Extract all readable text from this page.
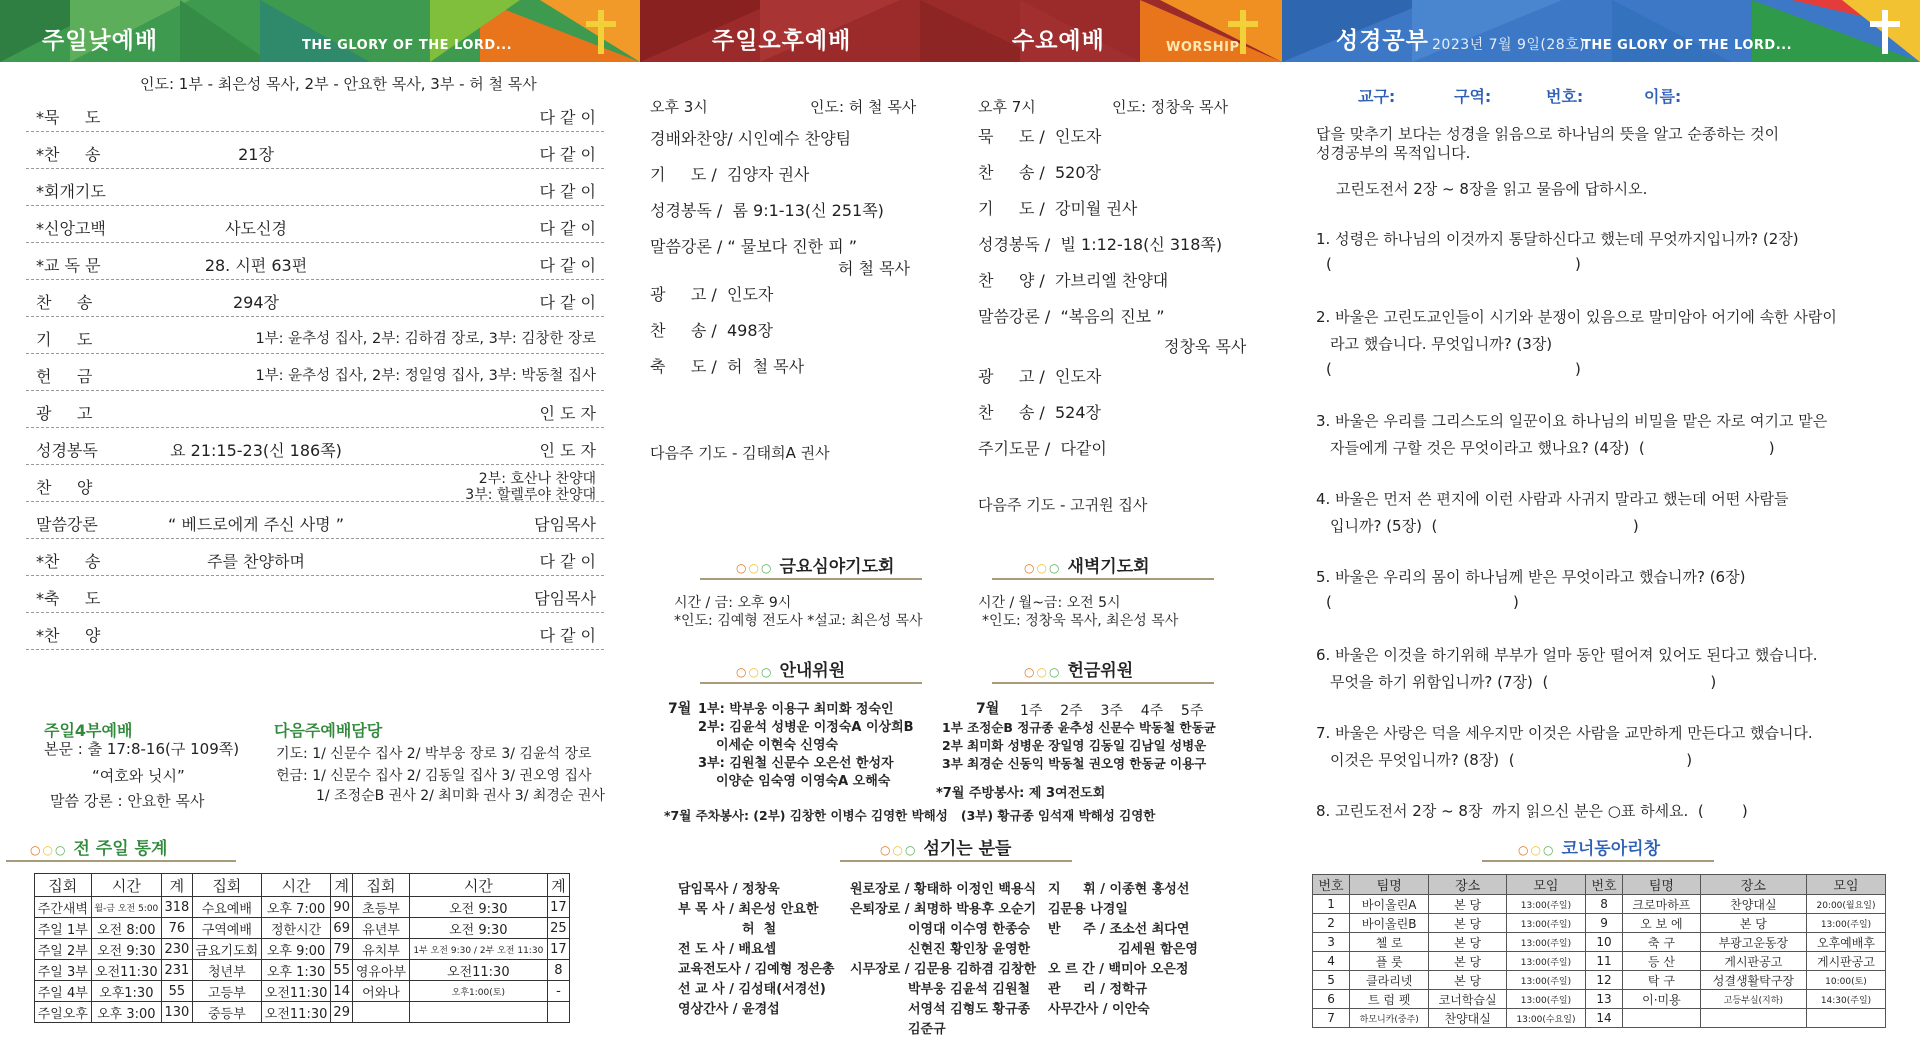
주일낮예배	THE GLORY OF THE LORD...
인도: 1부 - 최은성 목사, 2부 - 안요한 목사, 3부 - 허 철 목사
*묵     도	다 같 이
*찬     송	21장	다 같 이
*회개기도	다 같 이
*신앙고백	사도신경	다 같 이
*교 독 문	28. 시편 63편	다 같 이
찬     송	294장	다 같 이
기     도	1부: 윤추성 집사, 2부: 김하겸 장로, 3부: 김창한 장로
헌     금	1부: 윤추성 집사, 2부: 정일영 집사, 3부: 박동철 집사
광     고	인 도 자
성경봉독	요 21:15-23(신 186쪽)	인 도 자
찬     양	2부: 호산나 찬양대
3부: 할렐루야 찬양대
말씀강론	“ 베드로에게 주신 사명 ”	담임목사
*찬     송	주를 찬양하며	다 같 이
*축     도	담임목사
*찬     양	다 같 이
주일4부예배
본문 : 출 17:8-16(구 109쪽)
“여호와 닛시”
말씀 강론 : 안요한 목사
다음주예배담당
기도: 1/ 신문수 집사 2/ 박부웅 장로 3/ 김윤석 장로
헌금: 1/ 신문수 집사 2/ 김동일 집사 3/ 권오영 집사
1/ 조정순B 권사 2/ 최미화 권사 3/ 최경순 권사
○○○ 전 주일 통계
집회	시간	계	집회	시간	계	집회	시간	계
주간새벽	월-금 오전 5:00	318	수요예배	오후 7:00	90	초등부	오전 9:30	17
주일 1부	오전 8:00	76	구역예배	정한시간	69	유년부	오전 9:30	25
주일 2부	오전 9:30	230	금요기도회	오후 9:00	79	유치부	1부 오전 9:30 / 2부 오전 11:30	17
주일 3부	오전11:30	231	청년부	오후 1:30	55	영유아부	오전11:30	8
주일 4부	오후1:30	55	고등부	오전11:30	14	어와나	오후1:00(토)	-
주일오후	오후 3:00	130	중등부	오전11:30	29			
주일오후예배	수요예배	WORSHIP
오후 3시	인도: 허 철 목사
경배와찬양/ 시인예수 찬양팀
기     도 /  김양자 권사
성경봉독 /  롬 9:1-13(신 251쪽)
말씀강론 / “ 물보다 진한 피 ”
광     고 /  인도자
찬     송 /  498장
축     도 /  허  철 목사
허 철 목사
다음주 기도 - 김태희A 권사
오후 7시	인도: 정창욱 목사
묵     도 /  인도자
찬     송 /  520장
기     도 /  강미월 권사
성경봉독 /  빌 1:12-18(신 318쪽)
찬     양 /  가브리엘 찬양대
말씀강론 /  “복음의 진보 ”
광     고 /  인도자
찬     송 /  524장
주기도문 /  다같이
정창욱 목사
다음주 기도 - 고귀원 집사
○○○ 금요심야기도회
시간 / 금: 오후 9시
*인도: 김예형 전도사 *설교: 최은성 목사
○○○ 새벽기도회
시간 / 월~금: 오전 5시
*인도: 정창욱 목사, 최은성 목사
○○○ 안내위원
7월 1부: 박부웅 이용구 최미화 정숙인
2부: 김윤석 성병운 이정숙A 이상희B
이세순 이현숙 신영숙
3부: 김원철 신문수 오은선 한성자
이양순 임숙영 이영숙A 오해숙
○○○ 헌금위원
7월 1주    2주    3주    4주    5주
1부 조정순B 정규종 윤추성 신문수 박동철 한동균
2부 최미화 성병운 장일영 김동일 김남일 성병운
3부 최경순 신동익 박동철 권오영 한동균 이용구
*7월 주방봉사: 제 3여전도회
*7월 주차봉사: (2부) 김창한 이병수 김영한 박해성   (3부) 황규종 임석재 박해성 김영한
○○○ 섬기는 분들
담임목사 / 정창욱
부 목 사 / 최은성 안요한
허  철
전 도 사 / 배요셉
교육전도사 / 김예형 정은총
선 교 사 / 김성태(서경선)
영상간사 / 윤경섭
원로장로 / 황태하 이정인 백용식
은퇴장로 / 최명하 박용후 오순기
이영대 이수영 한종승
신현진 황인창 윤영한
시무장로 / 김문용 김하겸 김창한
박부웅 김윤석 김원철
서영석 김형도 황규종
김준규
지     휘 / 이종현 홍성선
김문용 나경일
반     주 / 조소선 최다연
김세원 함은영
오 르 간 / 백미아 오은정
관     리 / 정학규
사무간사 / 이안숙
성경공부 2023년 7월 9일(28호)
THE GLORY OF THE LORD...
교구:	구역:	번호:	이름:
답을 맞추기 보다는 성경을 읽음으로 하나님의 뜻을 알고 순종하는 것이
성경공부의 목적입니다.
고린도전서 2장 ~ 8장을 읽고 물음에 답하시오.
1. 성령은 하나님의 이것까지 통달하신다고 했는데 무엇까지입니까? (2장)
(                                                   )
2. 바울은 고린도교인들이 시기와 분쟁이 있음으로 말미암아 어기에 속한 사람이
라고 했습니다. 무엇입니까? (3장)
(                                                   )
3. 바울은 우리를 그리스도의 일꾼이요 하나님의 비밀을 맡은 자로 여기고 맡은
자들에게 구할 것은 무엇이라고 했나요? (4장)  (                          )
4. 바울은 먼저 쓴 편지에 이런 사람과 사귀지 말라고 했는데 어떤 사람들
입니까? (5장)  (                                         )
5. 바울은 우리의 몸이 하나님께 받은 무엇이라고 했습니까? (6장)
(                                      )
6. 바울은 이것을 하기위해 부부가 얼마 동안 떨어져 있어도 된다고 했습니다.
무엇을 하기 위함입니까? (7장)  (                                  )
7. 바울은 사랑은 덕을 세우지만 이것은 사람을 교만하게 만든다고 했습니다.
이것은 무엇입니까? (8장)  (                                    )
8. 고린도전서 2장 ~ 8장  까지 읽으신 분은 ○표 하세요.  (        )
○○○ 코너동아리창
번호	팀명	장소	모임	번호	팀명	장소	모임
1	바이올린A	본 당	13:00(주일)	8	크로마하프	찬양대실	20:00(월요일)
2	바이올린B	본 당	13:00(주일)	9	오 보 에	본 당	13:00(주일)
3	첼 로	본 당	13:00(주일)	10	축 구	부광고운동장	오후예배후
4	플 룻	본 당	13:00(주일)	11	등 산	게시판공고	게시판공고
5	클라리넷	본 당	13:00(주일)	12	탁 구	성결생활탁구장	10:00(토)
6	트 럼 펫	코너학습실	13:00(주일)	13	이·미용	고등부실(지하)	14:30(주일)
7	하모니카(중주)	찬양대실	13:00(수요일)	14			
